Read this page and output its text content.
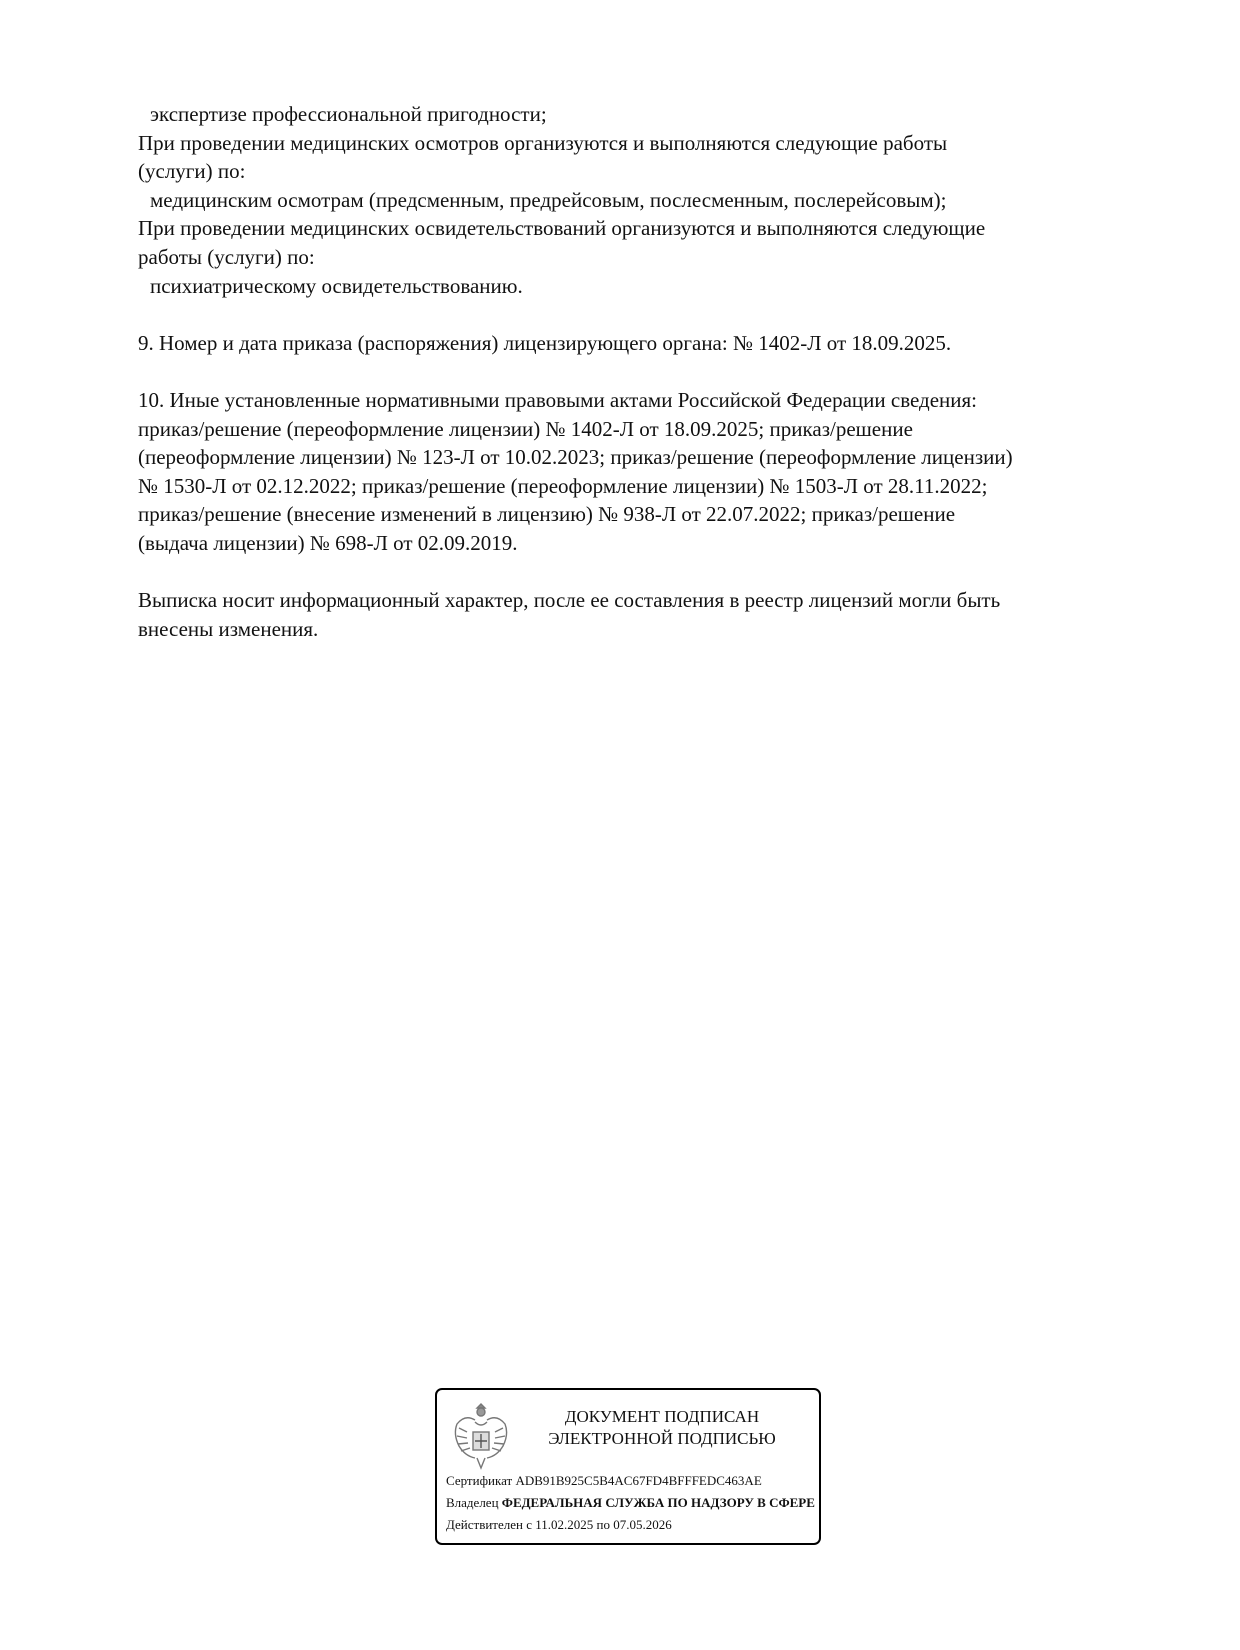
экспертизе профессиональной пригодности;
При проведении медицинских осмотров организуются и выполняются следующие работы
(услуги) по:
медицинским осмотрам (предсменным, предрейсовым, послесменным, послерейсовым);
При проведении медицинских освидетельствований организуются и выполняются следующие
работы (услуги) по:
психиатрическому освидетельствованию.
9. Номер и дата приказа (распоряжения) лицензирующего органа: № 1402-Л от 18.09.2025.
10. Иные установленные нормативными правовыми актами Российской Федерации сведения:
приказ/решение (переоформление лицензии) № 1402-Л от 18.09.2025; приказ/решение
(переоформление лицензии) № 123-Л от 10.02.2023; приказ/решение (переоформление лицензии)
№ 1530-Л от 02.12.2022; приказ/решение (переоформление лицензии) № 1503-Л от 28.11.2022;
приказ/решение (внесение изменений в лицензию) № 938-Л от 22.07.2022; приказ/решение
(выдача лицензии) № 698-Л от 02.09.2019.
Выписка носит информационный характер, после ее составления в реестр лицензий могли быть
внесены изменения.
ДОКУМЕНТ ПОДПИСАН
ЭЛЕКТРОННОЙ ПОДПИСЬЮ
Сертификат ADB91B925C5B4AC67FD4BFFFEDC463AE
Владелец ФЕДЕРАЛЬНАЯ СЛУЖБА ПО НАДЗОРУ В СФЕРЕ
Действителен с 11.02.2025 по 07.05.2026
